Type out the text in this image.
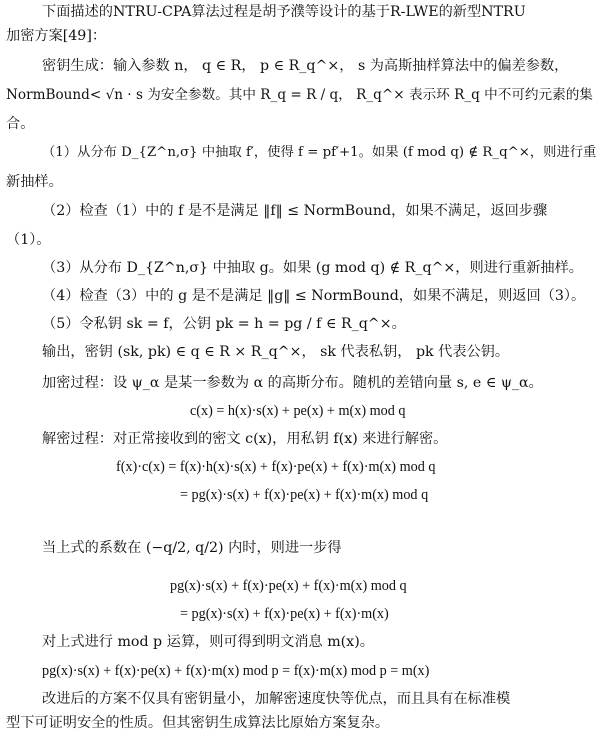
下面描述的NTRU-CPA算法过程是胡予濮等设计的基于R-LWE的新型NTRU
加密方案[49]：
密钥生成：输入参数 n， q ∈ R， p ∈ R_q^×， s 为高斯抽样算法中的偏差参数，
NormBound< √n · s 为安全参数。其中 R_q = R / q， R_q^× 表示环 R_q 中不可约元素的集
合。
（1）从分布 D_{Z^n,σ} 中抽取 f′，使得 f = pf′+1。如果 (f mod q) ∉ R_q^×，则进行重
新抽样。
（2）检查（1）中的 f 是不是满足 ‖f‖ ≤ NormBound，如果不满足，返回步骤
（1）。
（3）从分布 D_{Z^n,σ} 中抽取 g。如果 (g mod q) ∉ R_q^×，则进行重新抽样。
（4）检查（3）中的 g 是不是满足 ‖g‖ ≤ NormBound，如果不满足，则返回（3）。
（5）令私钥 sk = f，公钥 pk = h = pg / f ∈ R_q^×。
输出，密钥 (sk, pk) ∈ q ∈ R × R_q^×， sk 代表私钥， pk 代表公钥。
加密过程：设 ψ_α 是某一参数为 α 的高斯分布。随机的差错向量 s, e ∈ ψ_α。
c(x) = h(x)·s(x) + pe(x) + m(x) mod q
解密过程：对正常接收到的密文 c(x)，用私钥 f(x) 来进行解密。
f(x)·c(x) = f(x)·h(x)·s(x) + f(x)·pe(x) + f(x)·m(x) mod q
= pg(x)·s(x) + f(x)·pe(x) + f(x)·m(x) mod q
当上式的系数在 (−q/2, q/2) 内时，则进一步得
pg(x)·s(x) + f(x)·pe(x) + f(x)·m(x) mod q
= pg(x)·s(x) + f(x)·pe(x) + f(x)·m(x)
对上式进行 mod p 运算，则可得到明文消息 m(x)。
pg(x)·s(x) + f(x)·pe(x) + f(x)·m(x) mod p = f(x)·m(x) mod p = m(x)
改进后的方案不仅具有密钥量小，加解密速度快等优点，而且具有在标准模
型下可证明安全的性质。但其密钥生成算法比原始方案复杂。
